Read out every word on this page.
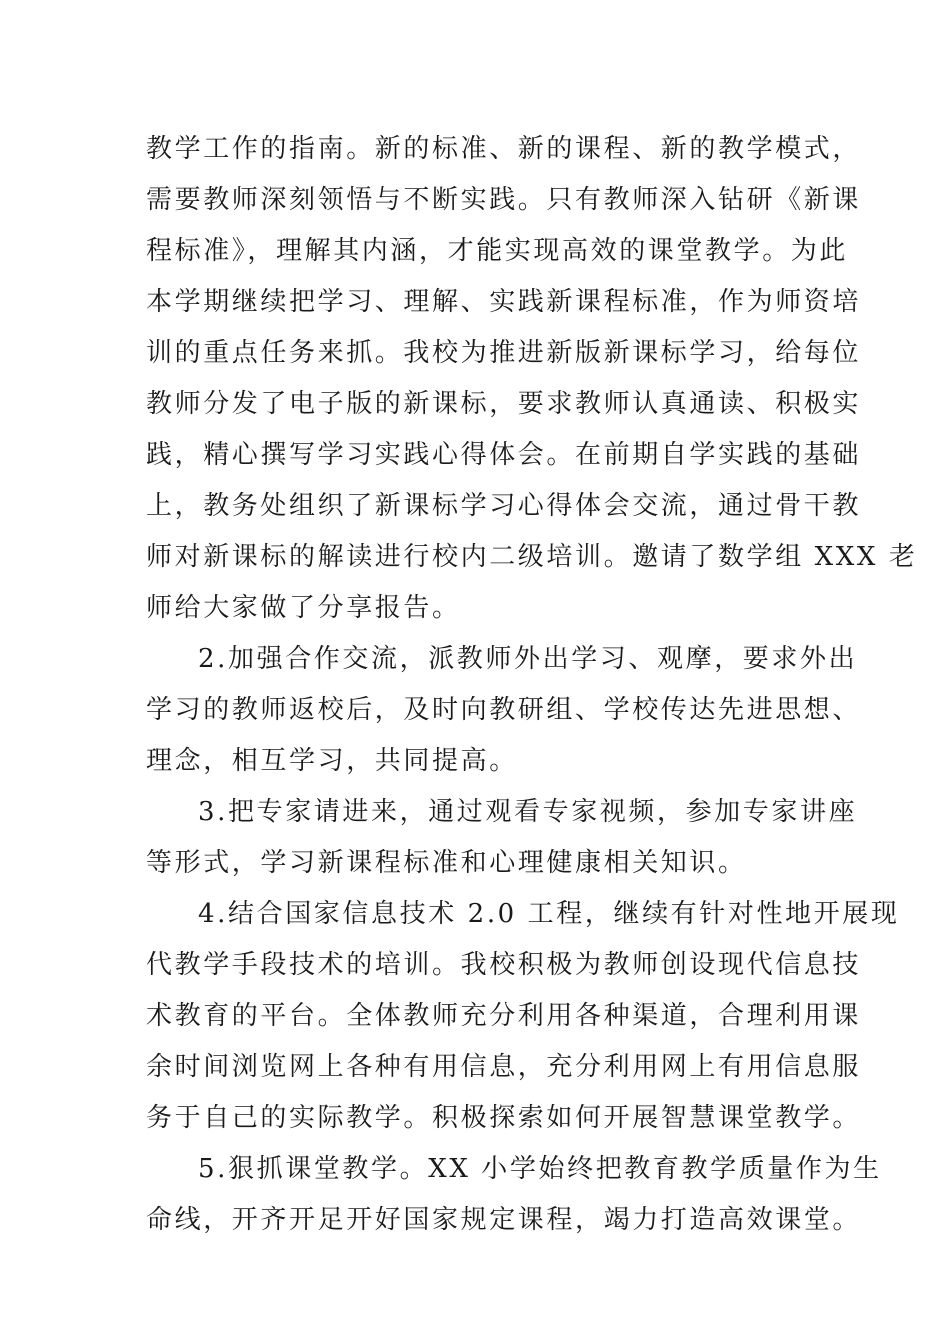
教学工作的指南。新的标准、新的课程、新的教学模式，
需要教师深刻领悟与不断实践。只有教师深入钻研《新课
程标准》，理解其内涵，才能实现高效的课堂教学。为此
本学期继续把学习、理解、实践新课程标准，作为师资培
训的重点任务来抓。我校为推进新版新课标学习，给每位
教师分发了电子版的新课标，要求教师认真通读、积极实
践，精心撰写学习实践心得体会。在前期自学实践的基础
上，教务处组织了新课标学习心得体会交流，通过骨干教
师对新课标的解读进行校内二级培训。邀请了数学组 XXX 老
师给大家做了分享报告。
2.加强合作交流，派教师外出学习、观摩，要求外出
学习的教师返校后，及时向教研组、学校传达先进思想、
理念，相互学习，共同提高。
3.把专家请进来，通过观看专家视频，参加专家讲座
等形式，学习新课程标准和心理健康相关知识。
4.结合国家信息技术 2.0 工程，继续有针对性地开展现
代教学手段技术的培训。我校积极为教师创设现代信息技
术教育的平台。全体教师充分利用各种渠道，合理利用课
余时间浏览网上各种有用信息，充分利用网上有用信息服
务于自己的实际教学。积极探索如何开展智慧课堂教学。
5.狠抓课堂教学。XX 小学始终把教育教学质量作为生
命线，开齐开足开好国家规定课程，竭力打造高效课堂。
